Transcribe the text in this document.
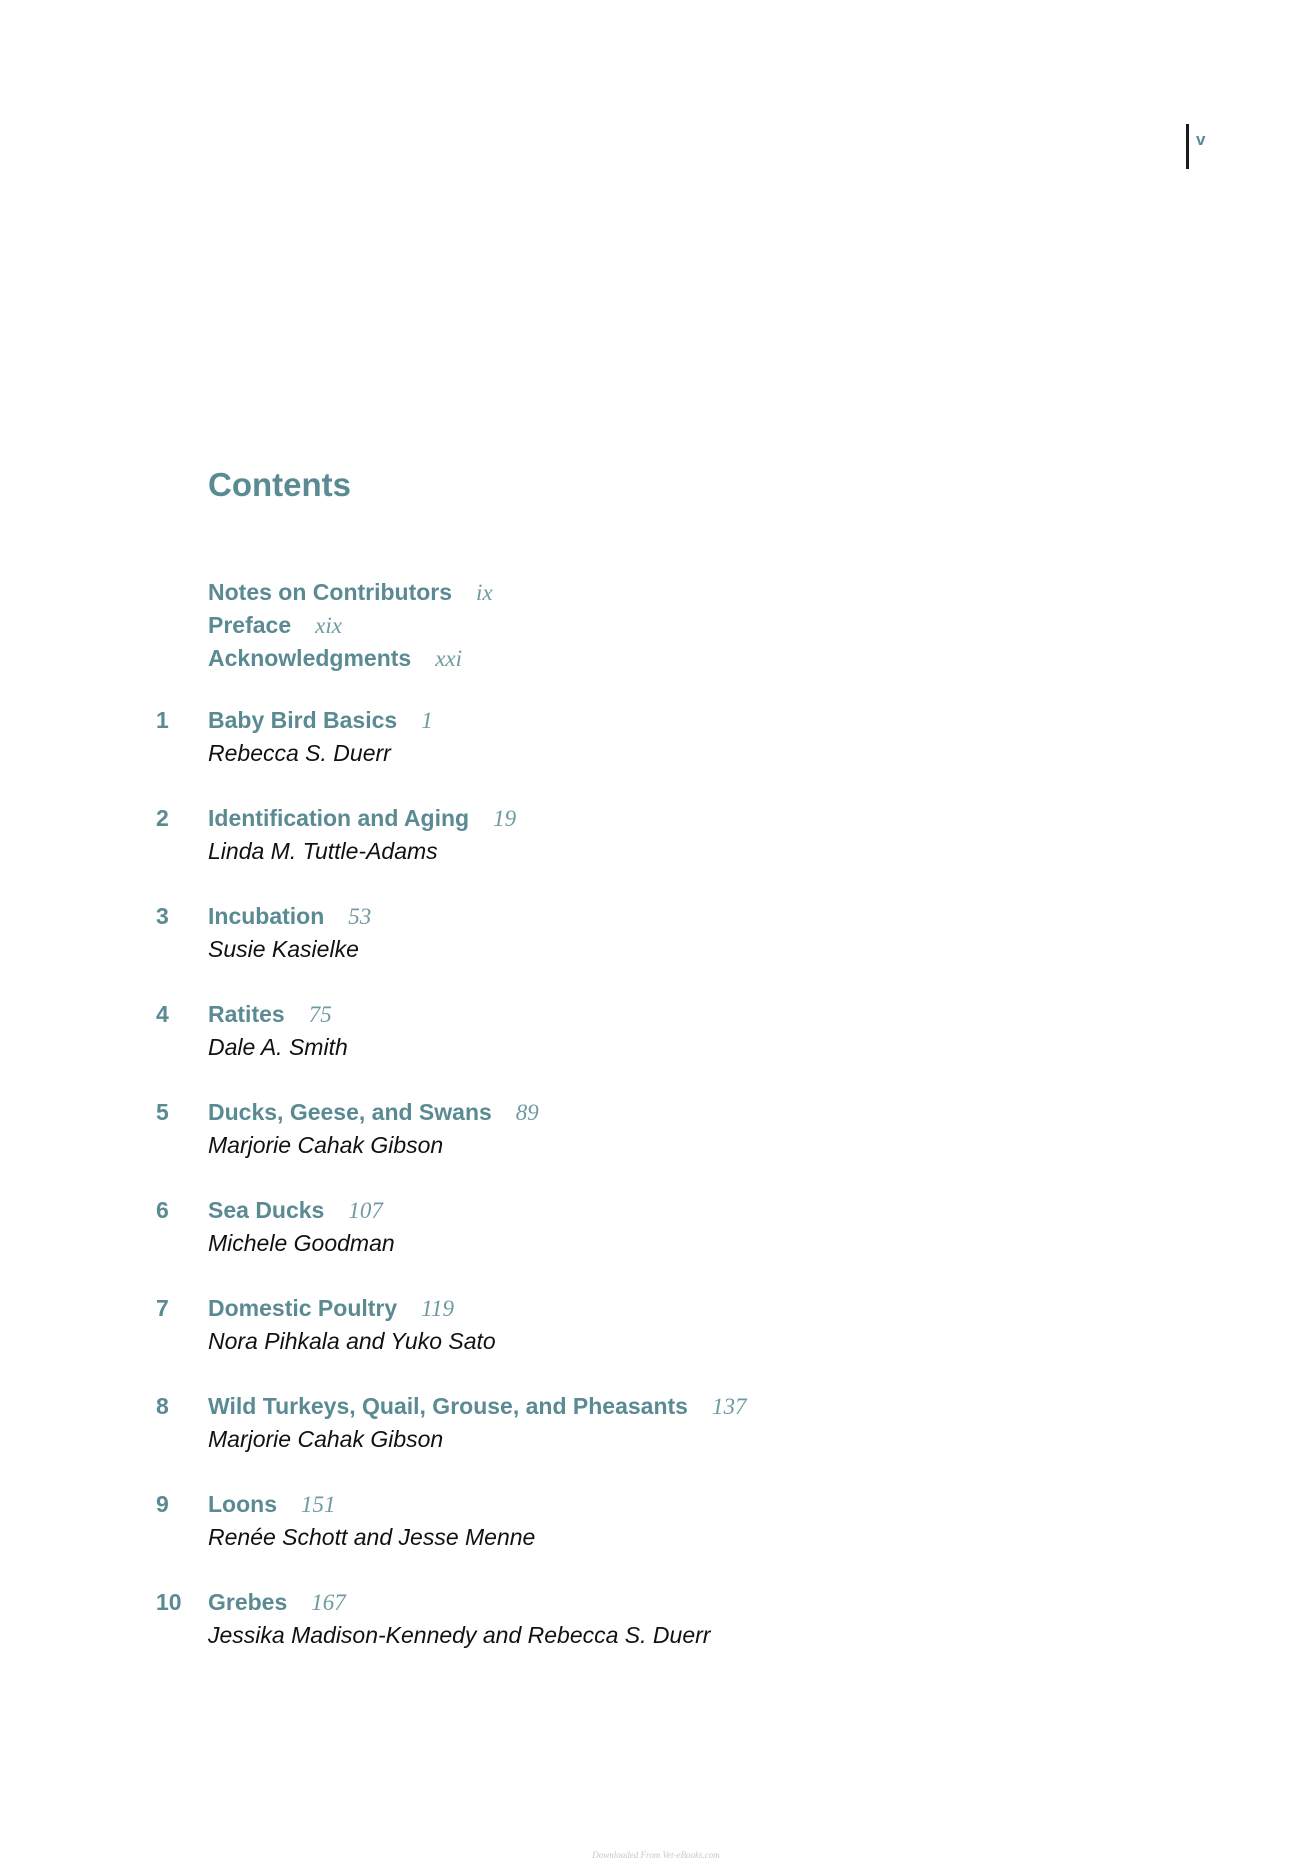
v
Contents
Notes on Contributors ix
Preface xix
Acknowledgments xxi
1	Baby Bird Basics 1
Rebecca S. Duerr
2	Identification and Aging 19
Linda M. Tuttle-Adams
3	Incubation 53
Susie Kasielke
4	Ratites 75
Dale A. Smith
5	Ducks, Geese, and Swans 89
Marjorie Cahak Gibson
6	Sea Ducks 107
Michele Goodman
7	Domestic Poultry 119
Nora Pihkala and Yuko Sato
8	Wild Turkeys, Quail, Grouse, and Pheasants 137
Marjorie Cahak Gibson
9	Loons 151
Renée Schott and Jesse Menne
10	Grebes 167
Jessika Madison-Kennedy and Rebecca S. Duerr
Downloaded From Vet-eBooks.com
